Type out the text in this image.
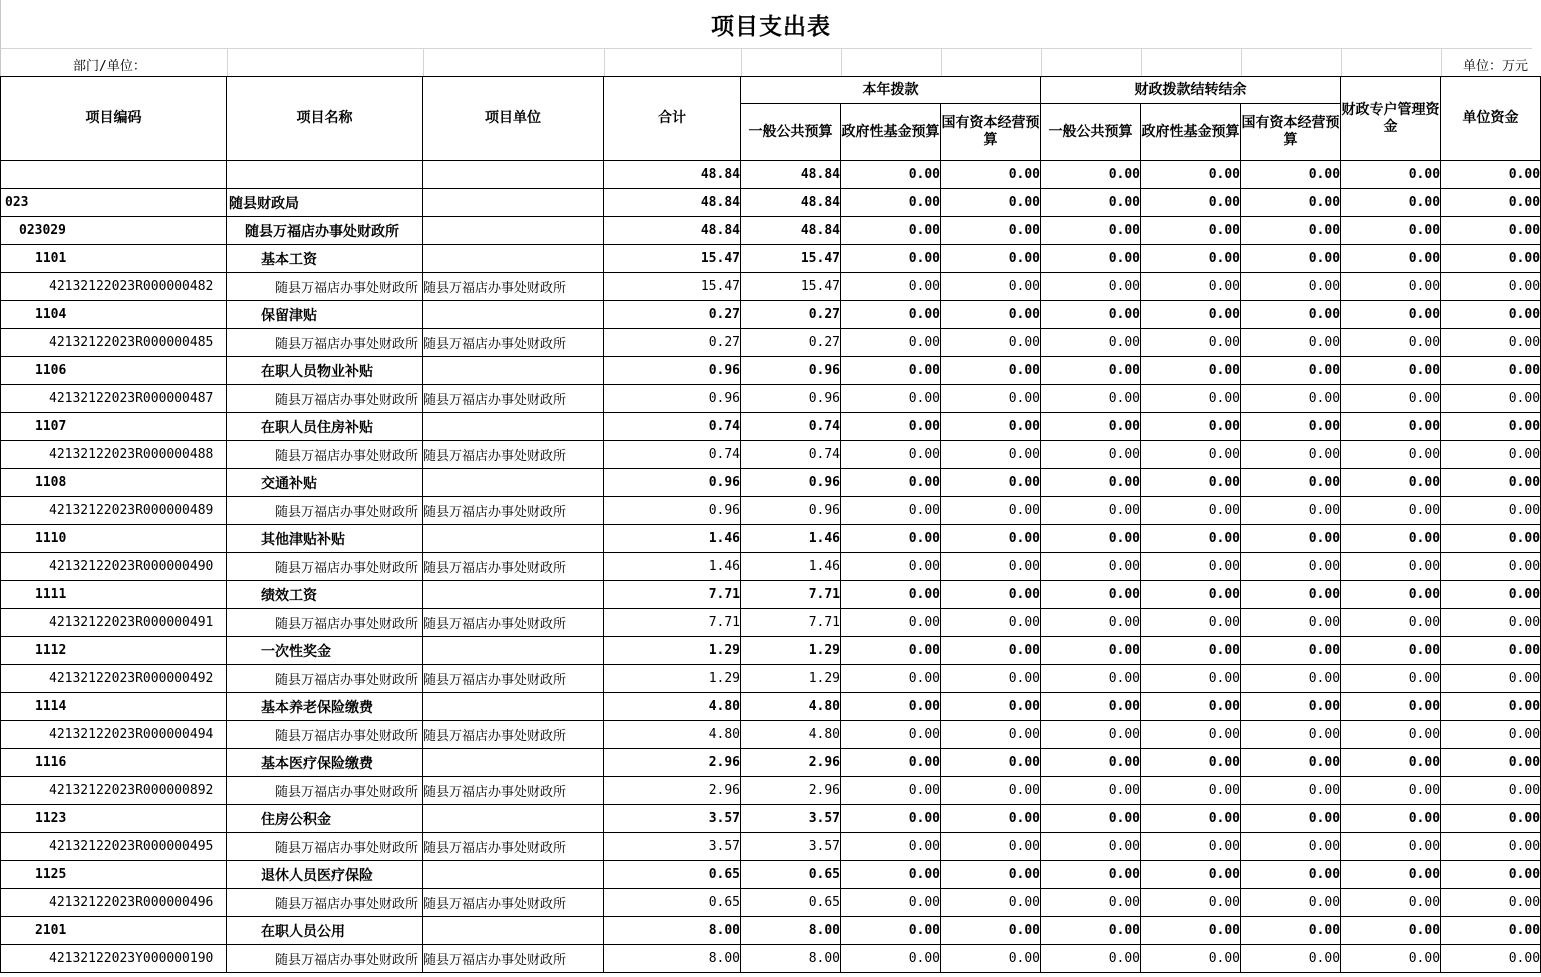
项目支出表
部门/单位：	单位：万元
项目编码	项目名称	项目单位	合计	本年拨款			财政拨款结转结余			财政专户管理资金	单位资金
				一般公共预算	政府性基金预算	国有资本经营预算	一般公共预算	政府性基金预算	国有资本经营预算		
			48.84	48.84	0.00	0.00	0.00	0.00	0.00	0.00	0.00
023	随县财政局		48.84	48.84	0.00	0.00	0.00	0.00	0.00	0.00	0.00
023029	随县万福店办事处财政所		48.84	48.84	0.00	0.00	0.00	0.00	0.00	0.00	0.00
1101	基本工资		15.47	15.47	0.00	0.00	0.00	0.00	0.00	0.00	0.00
42132122023R000000482	随县万福店办事处财政所	随县万福店办事处财政所	15.47	15.47	0.00	0.00	0.00	0.00	0.00	0.00	0.00
1104	保留津贴		0.27	0.27	0.00	0.00	0.00	0.00	0.00	0.00	0.00
42132122023R000000485	随县万福店办事处财政所	随县万福店办事处财政所	0.27	0.27	0.00	0.00	0.00	0.00	0.00	0.00	0.00
1106	在职人员物业补贴		0.96	0.96	0.00	0.00	0.00	0.00	0.00	0.00	0.00
42132122023R000000487	随县万福店办事处财政所	随县万福店办事处财政所	0.96	0.96	0.00	0.00	0.00	0.00	0.00	0.00	0.00
1107	在职人员住房补贴		0.74	0.74	0.00	0.00	0.00	0.00	0.00	0.00	0.00
42132122023R000000488	随县万福店办事处财政所	随县万福店办事处财政所	0.74	0.74	0.00	0.00	0.00	0.00	0.00	0.00	0.00
1108	交通补贴		0.96	0.96	0.00	0.00	0.00	0.00	0.00	0.00	0.00
42132122023R000000489	随县万福店办事处财政所	随县万福店办事处财政所	0.96	0.96	0.00	0.00	0.00	0.00	0.00	0.00	0.00
1110	其他津贴补贴		1.46	1.46	0.00	0.00	0.00	0.00	0.00	0.00	0.00
42132122023R000000490	随县万福店办事处财政所	随县万福店办事处财政所	1.46	1.46	0.00	0.00	0.00	0.00	0.00	0.00	0.00
1111	绩效工资		7.71	7.71	0.00	0.00	0.00	0.00	0.00	0.00	0.00
42132122023R000000491	随县万福店办事处财政所	随县万福店办事处财政所	7.71	7.71	0.00	0.00	0.00	0.00	0.00	0.00	0.00
1112	一次性奖金		1.29	1.29	0.00	0.00	0.00	0.00	0.00	0.00	0.00
42132122023R000000492	随县万福店办事处财政所	随县万福店办事处财政所	1.29	1.29	0.00	0.00	0.00	0.00	0.00	0.00	0.00
1114	基本养老保险缴费		4.80	4.80	0.00	0.00	0.00	0.00	0.00	0.00	0.00
42132122023R000000494	随县万福店办事处财政所	随县万福店办事处财政所	4.80	4.80	0.00	0.00	0.00	0.00	0.00	0.00	0.00
1116	基本医疗保险缴费		2.96	2.96	0.00	0.00	0.00	0.00	0.00	0.00	0.00
42132122023R000000892	随县万福店办事处财政所	随县万福店办事处财政所	2.96	2.96	0.00	0.00	0.00	0.00	0.00	0.00	0.00
1123	住房公积金		3.57	3.57	0.00	0.00	0.00	0.00	0.00	0.00	0.00
42132122023R000000495	随县万福店办事处财政所	随县万福店办事处财政所	3.57	3.57	0.00	0.00	0.00	0.00	0.00	0.00	0.00
1125	退休人员医疗保险		0.65	0.65	0.00	0.00	0.00	0.00	0.00	0.00	0.00
42132122023R000000496	随县万福店办事处财政所	随县万福店办事处财政所	0.65	0.65	0.00	0.00	0.00	0.00	0.00	0.00	0.00
2101	在职人员公用		8.00	8.00	0.00	0.00	0.00	0.00	0.00	0.00	0.00
42132122023Y000000190	随县万福店办事处财政所	随县万福店办事处财政所	8.00	8.00	0.00	0.00	0.00	0.00	0.00	0.00	0.00
